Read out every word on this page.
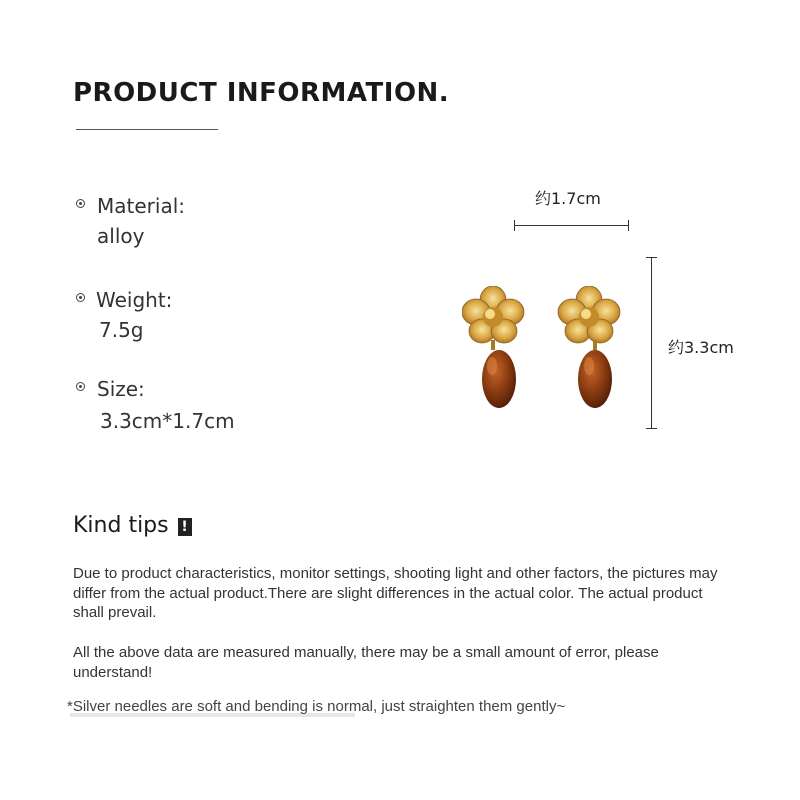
PRODUCT INFORMATION.
Material:
alloy
Weight:
7.5g
Size:
3.3cm*1.7cm
约1.7cm
约3.3cm
Kind tips !

Due to product characteristics, monitor settings, shooting light and other factors, the pictures may differ from the actual product.There are slight differences in the actual color. The actual product shall prevail.

All the above data are measured manually, there may be a small amount of error, please understand!

*Silver needles are soft and bending is normal, just straighten them gently~
